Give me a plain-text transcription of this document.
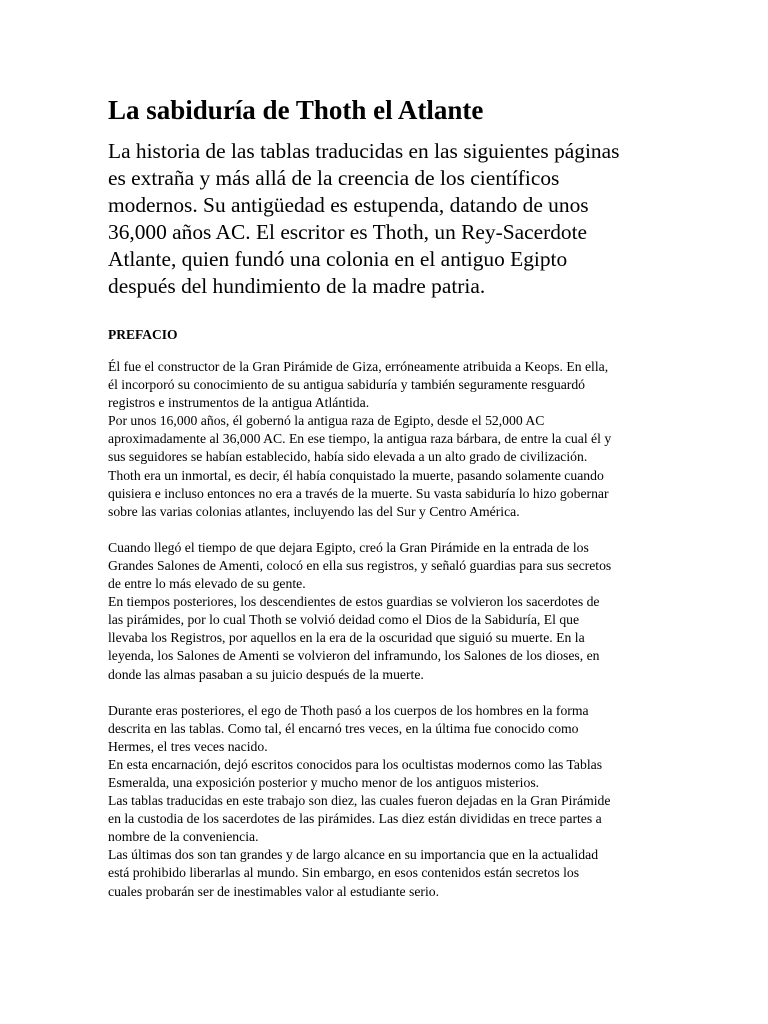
La sabiduría de Thoth el Atlante

La historia de las tablas traducidas en las siguientes páginas
es extraña y más allá de la creencia de los científicos
modernos. Su antigüedad es estupenda, datando de unos
36,000 años AC. El escritor es Thoth, un Rey-Sacerdote
Atlante, quien fundó una colonia en el antiguo Egipto
después del hundimiento de la madre patria.

PREFACIO

Él fue el constructor de la Gran Pirámide de Giza, erróneamente atribuida a Keops. En ella,
él incorporó su conocimiento de su antigua sabiduría y también seguramente resguardó
registros e instrumentos de la antigua Atlántida.
Por unos 16,000 años, él gobernó la antigua raza de Egipto, desde el 52,000 AC
aproximadamente al 36,000 AC. En ese tiempo, la antigua raza bárbara, de entre la cual él y
sus seguidores se habían establecido, había sido elevada a un alto grado de civilización.
Thoth era un inmortal, es decir, él había conquistado la muerte, pasando solamente cuando
quisiera e incluso entonces no era a través de la muerte. Su vasta sabiduría lo hizo gobernar
sobre las varias colonias atlantes, incluyendo las del Sur y Centro América.

Cuando llegó el tiempo de que dejara Egipto, creó la Gran Pirámide en la entrada de los
Grandes Salones de Amenti, colocó en ella sus registros, y señaló guardias para sus secretos
de entre lo más elevado de su gente.
En tiempos posteriores, los descendientes de estos guardias se volvieron los sacerdotes de
las pirámides, por lo cual Thoth se volvió deidad como el Dios de la Sabiduría, El que
llevaba los Registros, por aquellos en la era de la oscuridad que siguió su muerte. En la
leyenda, los Salones de Amenti se volvieron del inframundo, los Salones de los dioses, en
donde las almas pasaban a su juicio después de la muerte.

Durante eras posteriores, el ego de Thoth pasó a los cuerpos de los hombres en la forma
descrita en las tablas. Como tal, él encarnó tres veces, en la última fue conocido como
Hermes, el tres veces nacido.
En esta encarnación, dejó escritos conocidos para los ocultistas modernos como las Tablas
Esmeralda, una exposición posterior y mucho menor de los antiguos misterios.
Las tablas traducidas en este trabajo son diez, las cuales fueron dejadas en la Gran Pirámide
en la custodia de los sacerdotes de las pirámides. Las diez están divididas en trece partes a
nombre de la conveniencia.
Las últimas dos son tan grandes y de largo alcance en su importancia que en la actualidad
está prohibido liberarlas al mundo. Sin embargo, en esos contenidos están secretos los
cuales probarán ser de inestimables valor al estudiante serio.
